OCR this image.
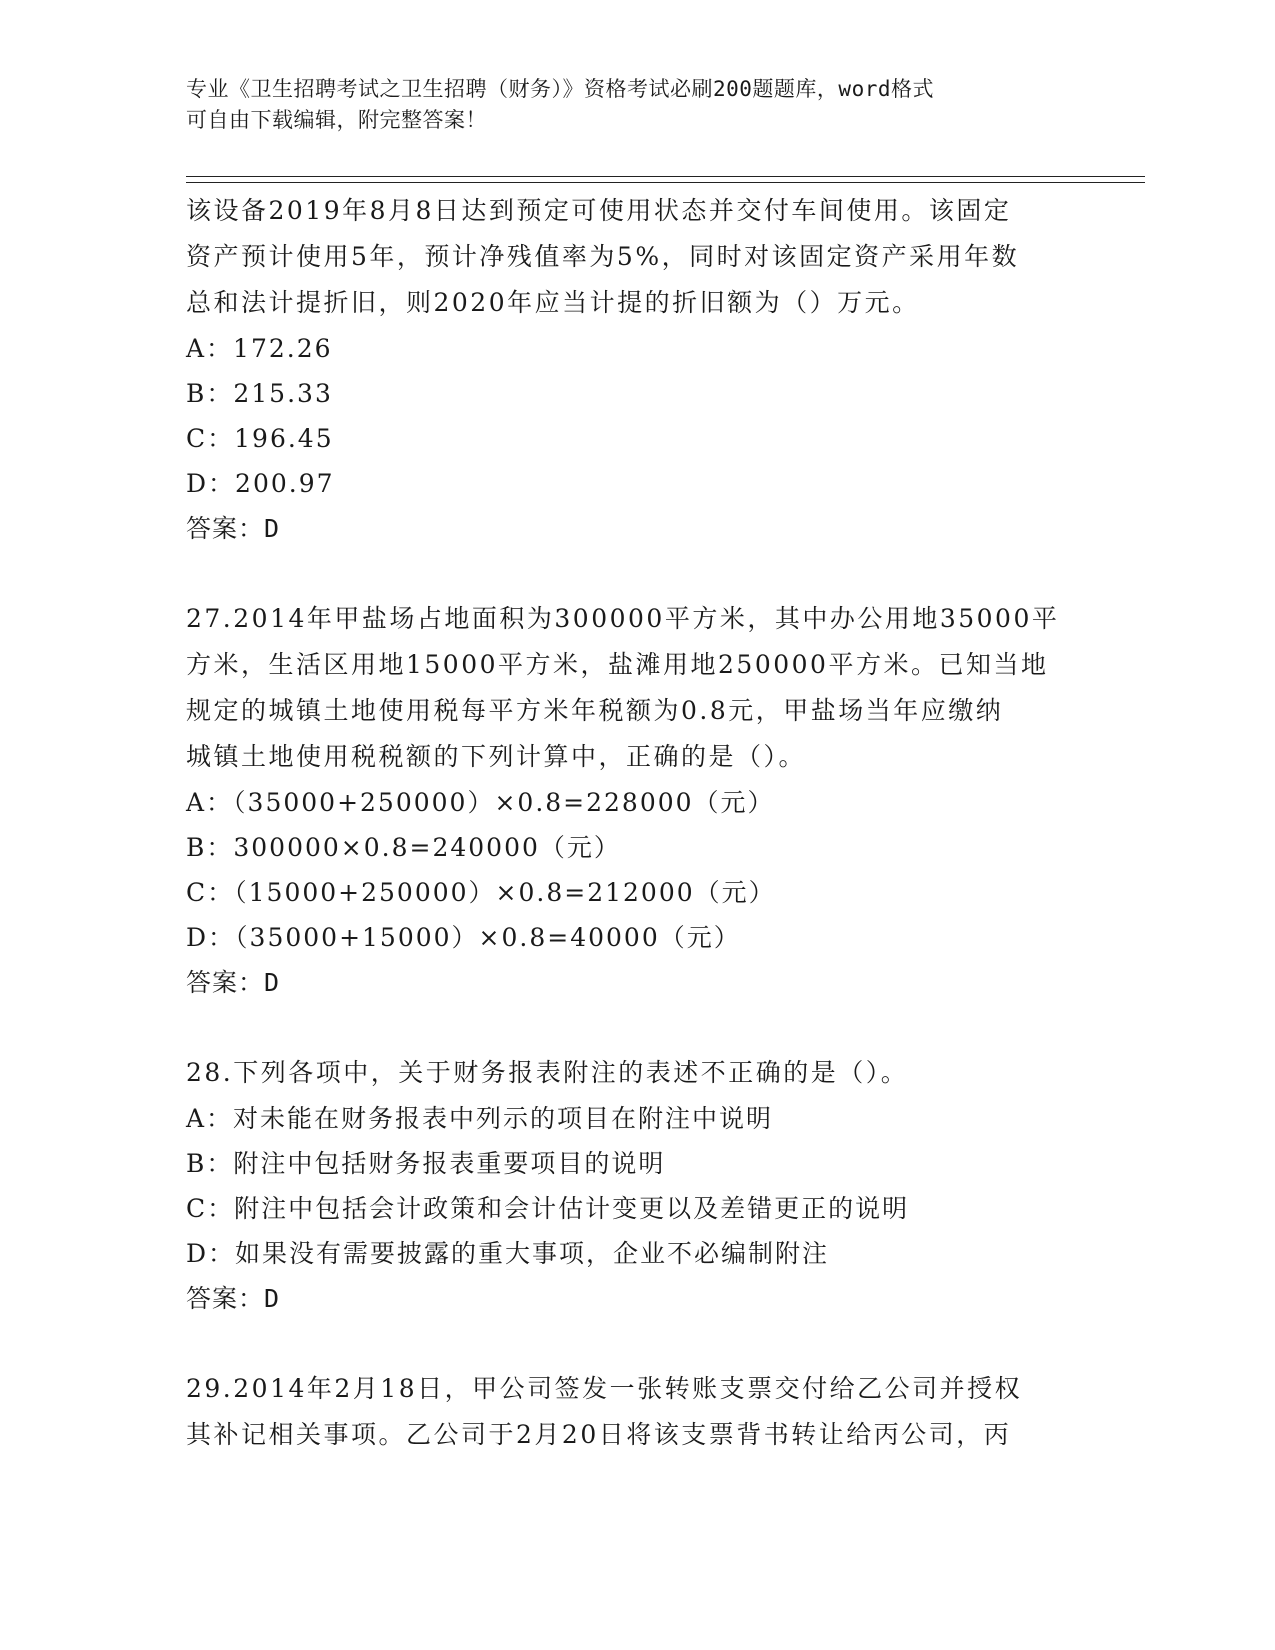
专业《卫生招聘考试之卫生招聘（财务）》资格考试必刷200题题库，word格式
可自由下载编辑，附完整答案！
该设备2019年8月8日达到预定可使用状态并交付车间使用。该固定
资产预计使用5年，预计净残值率为5%，同时对该固定资产采用年数
总和法计提折旧，则2020年应当计提的折旧额为（）万元。
A：172.26
B：215.33
C：196.45
D：200.97
答案：D
27.2014年甲盐场占地面积为300000平方米，其中办公用地35000平
方米，生活区用地15000平方米，盐滩用地250000平方米。已知当地
规定的城镇土地使用税每平方米年税额为0.8元，甲盐场当年应缴纳
城镇土地使用税税额的下列计算中，正确的是（）。
A：（35000+250000）×0.8=228000（元）
B：300000×0.8=240000（元）
C：（15000+250000）×0.8=212000（元）
D：（35000+15000）×0.8=40000（元）
答案：D
28.下列各项中，关于财务报表附注的表述不正确的是（）。
A：对未能在财务报表中列示的项目在附注中说明
B：附注中包括财务报表重要项目的说明
C：附注中包括会计政策和会计估计变更以及差错更正的说明
D：如果没有需要披露的重大事项，企业不必编制附注
答案：D
29.2014年2月18日，甲公司签发一张转账支票交付给乙公司并授权
其补记相关事项。乙公司于2月20日将该支票背书转让给丙公司，丙
